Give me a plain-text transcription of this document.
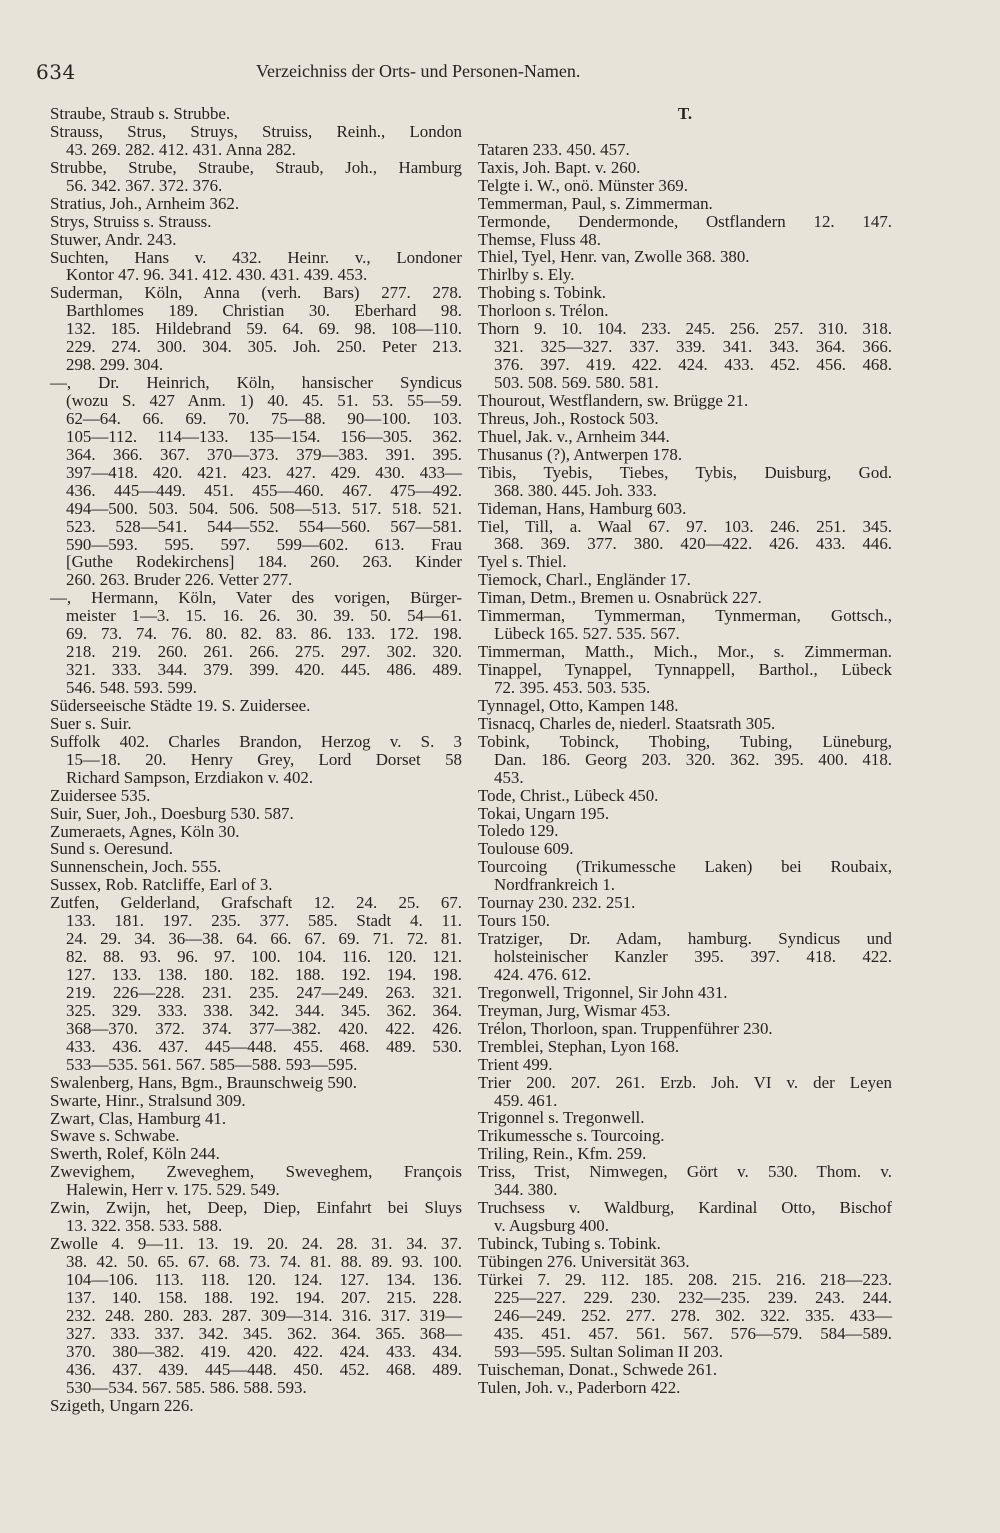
634	Verzeichniss der Orts- und Personen-Namen.
Straube, Straub s. Strubbe.
Strauss, Strus, Struys, Struiss, Reinh., London
43. 269. 282. 412. 431. Anna 282.
Strubbe, Strube, Straube, Straub, Joh., Hamburg
56. 342. 367. 372. 376.
Stratius, Joh., Arnheim 362.
Strys, Struiss s. Strauss.
Stuwer, Andr. 243.
Suchten, Hans v. 432. Heinr. v., Londoner
Kontor 47. 96. 341. 412. 430. 431. 439. 453.
Suderman, Köln, Anna (verh. Bars) 277. 278.
Barthlomes 189. Christian 30. Eberhard 98.
132. 185. Hildebrand 59. 64. 69. 98. 108—110.
229. 274. 300. 304. 305. Joh. 250. Peter 213.
298. 299. 304.
—, Dr. Heinrich, Köln, hansischer Syndicus
(wozu S. 427 Anm. 1) 40. 45. 51. 53. 55—59.
62—64. 66. 69. 70. 75—88. 90—100. 103.
105—112. 114—133. 135—154. 156—305. 362.
364. 366. 367. 370—373. 379—383. 391. 395.
397—418. 420. 421. 423. 427. 429. 430. 433—
436. 445—449. 451. 455—460. 467. 475—492.
494—500. 503. 504. 506. 508—513. 517. 518. 521.
523. 528—541. 544—552. 554—560. 567—581.
590—593. 595. 597. 599—602. 613. Frau
[Guthe Rodekirchens] 184. 260. 263. Kinder
260. 263. Bruder 226. Vetter 277.
—, Hermann, Köln, Vater des vorigen, Bürger-
meister 1—3. 15. 16. 26. 30. 39. 50. 54—61.
69. 73. 74. 76. 80. 82. 83. 86. 133. 172. 198.
218. 219. 260. 261. 266. 275. 297. 302. 320.
321. 333. 344. 379. 399. 420. 445. 486. 489.
546. 548. 593. 599.
Süderseeische Städte 19. S. Zuidersee.
Suer s. Suir.
Suffolk 402. Charles Brandon, Herzog v. S. 3
15—18. 20. Henry Grey, Lord Dorset 58
Richard Sampson, Erzdiakon v. 402.
Zuidersee 535.
Suir, Suer, Joh., Doesburg 530. 587.
Zumeraets, Agnes, Köln 30.
Sund s. Oeresund.
Sunnenschein, Joch. 555.
Sussex, Rob. Ratcliffe, Earl of 3.
Zutfen, Gelderland, Grafschaft 12. 24. 25. 67.
133. 181. 197. 235. 377. 585. Stadt 4. 11.
24. 29. 34. 36—38. 64. 66. 67. 69. 71. 72. 81.
82. 88. 93. 96. 97. 100. 104. 116. 120. 121.
127. 133. 138. 180. 182. 188. 192. 194. 198.
219. 226—228. 231. 235. 247—249. 263. 321.
325. 329. 333. 338. 342. 344. 345. 362. 364.
368—370. 372. 374. 377—382. 420. 422. 426.
433. 436. 437. 445—448. 455. 468. 489. 530.
533—535. 561. 567. 585—588. 593—595.
Swalenberg, Hans, Bgm., Braunschweig 590.
Swarte, Hinr., Stralsund 309.
Zwart, Clas, Hamburg 41.
Swave s. Schwabe.
Swerth, Rolef, Köln 244.
Zwevighem, Zweveghem, Sweveghem, François
Halewin, Herr v. 175. 529. 549.
Zwin, Zwijn, het, Deep, Diep, Einfahrt bei Sluys
13. 322. 358. 533. 588.
Zwolle 4. 9—11. 13. 19. 20. 24. 28. 31. 34. 37.
38. 42. 50. 65. 67. 68. 73. 74. 81. 88. 89. 93. 100.
104—106. 113. 118. 120. 124. 127. 134. 136.
137. 140. 158. 188. 192. 194. 207. 215. 228.
232. 248. 280. 283. 287. 309—314. 316. 317. 319—
327. 333. 337. 342. 345. 362. 364. 365. 368—
370. 380—382. 419. 420. 422. 424. 433. 434.
436. 437. 439. 445—448. 450. 452. 468. 489.
530—534. 567. 585. 586. 588. 593.
Szigeth, Ungarn 226.
T.
Tataren 233. 450. 457.
Taxis, Joh. Bapt. v. 260.
Telgte i. W., onö. Münster 369.
Temmerman, Paul, s. Zimmerman.
Termonde, Dendermonde, Ostflandern 12. 147.
Themse, Fluss 48.
Thiel, Tyel, Henr. van, Zwolle 368. 380.
Thirlby s. Ely.
Thobing s. Tobink.
Thorloon s. Trélon.
Thorn 9. 10. 104. 233. 245. 256. 257. 310. 318.
321. 325—327. 337. 339. 341. 343. 364. 366.
376. 397. 419. 422. 424. 433. 452. 456. 468.
503. 508. 569. 580. 581.
Thourout, Westflandern, sw. Brügge 21.
Threus, Joh., Rostock 503.
Thuel, Jak. v., Arnheim 344.
Thusanus (?), Antwerpen 178.
Tibis, Tyebis, Tiebes, Tybis, Duisburg, God.
368. 380. 445. Joh. 333.
Tideman, Hans, Hamburg 603.
Tiel, Till, a. Waal 67. 97. 103. 246. 251. 345.
368. 369. 377. 380. 420—422. 426. 433. 446.
Tyel s. Thiel.
Tiemock, Charl., Engländer 17.
Timan, Detm., Bremen u. Osnabrück 227.
Timmerman, Tymmerman, Tynmerman, Gottsch.,
Lübeck 165. 527. 535. 567.
Timmerman, Matth., Mich., Mor., s. Zimmerman.
Tinappel, Tynappel, Tynnappell, Barthol., Lübeck
72. 395. 453. 503. 535.
Tynnagel, Otto, Kampen 148.
Tisnacq, Charles de, niederl. Staatsrath 305.
Tobink, Tobinck, Thobing, Tubing, Lüneburg,
Dan. 186. Georg 203. 320. 362. 395. 400. 418.
453.
Tode, Christ., Lübeck 450.
Tokai, Ungarn 195.
Toledo 129.
Toulouse 609.
Tourcoing (Trikumessche Laken) bei Roubaix,
Nordfrankreich 1.
Tournay 230. 232. 251.
Tours 150.
Tratziger, Dr. Adam, hamburg. Syndicus und
holsteinischer Kanzler 395. 397. 418. 422.
424. 476. 612.
Tregonwell, Trigonnel, Sir John 431.
Treyman, Jurg, Wismar 453.
Trélon, Thorloon, span. Truppenführer 230.
Tremblei, Stephan, Lyon 168.
Trient 499.
Trier 200. 207. 261. Erzb. Joh. VI v. der Leyen
459. 461.
Trigonnel s. Tregonwell.
Trikumessche s. Tourcoing.
Triling, Rein., Kfm. 259.
Triss, Trist, Nimwegen, Gört v. 530. Thom. v.
344. 380.
Truchsess v. Waldburg, Kardinal Otto, Bischof
v. Augsburg 400.
Tubinck, Tubing s. Tobink.
Tübingen 276. Universität 363.
Türkei 7. 29. 112. 185. 208. 215. 216. 218—223.
225—227. 229. 230. 232—235. 239. 243. 244.
246—249. 252. 277. 278. 302. 322. 335. 433—
435. 451. 457. 561. 567. 576—579. 584—589.
593—595. Sultan Soliman II 203.
Tuischeman, Donat., Schwede 261.
Tulen, Joh. v., Paderborn 422.
